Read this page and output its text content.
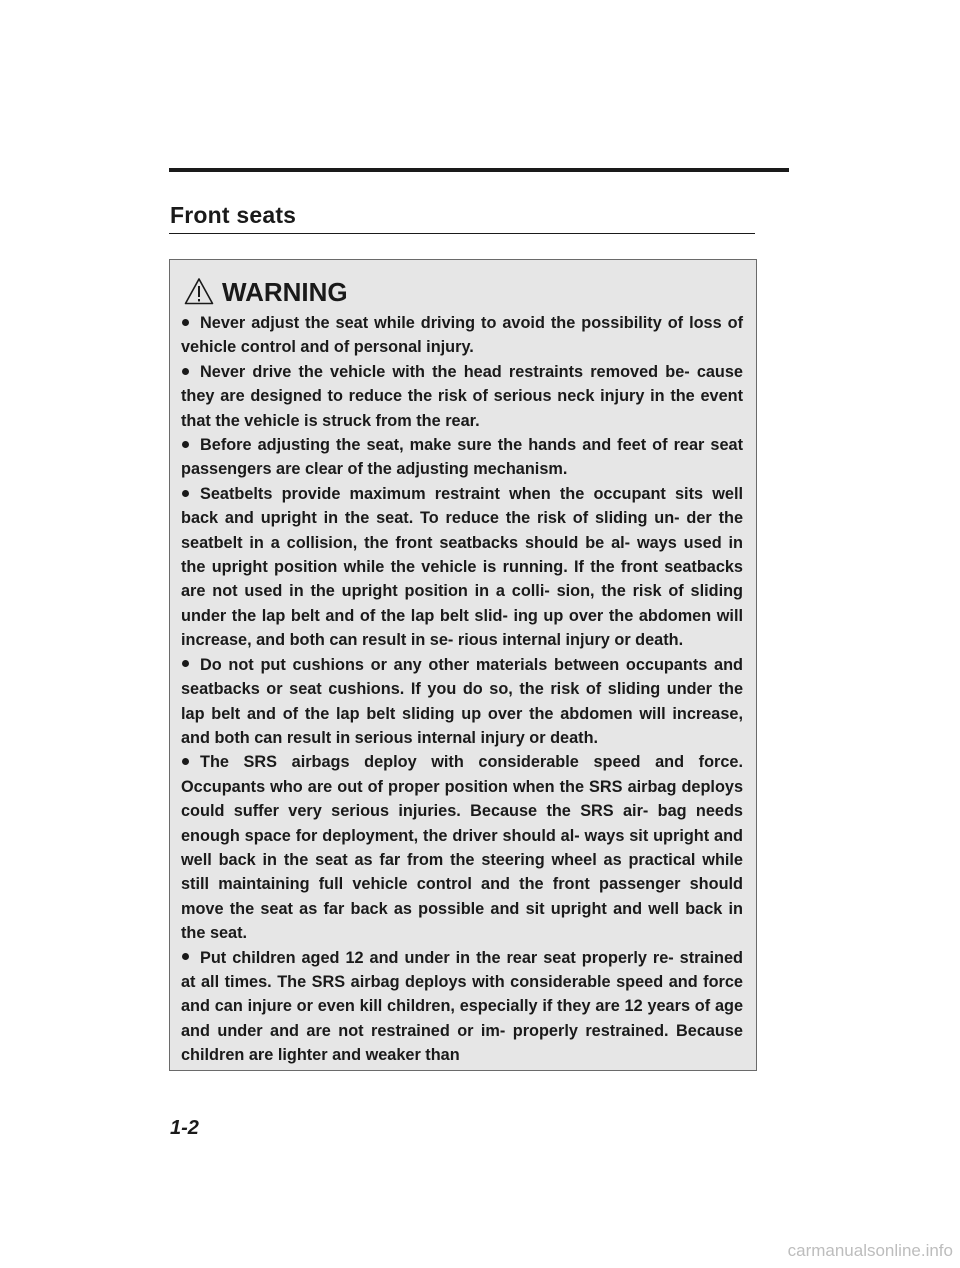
Front seats
WARNING
Never adjust the seat while driving to avoid the possibility of loss of vehicle control and of personal injury.
Never drive the vehicle with the head restraints removed be- cause they are designed to reduce the risk of serious neck injury in the event that the vehicle is struck from the rear.
Before adjusting the seat, make sure the hands and feet of rear seat passengers are clear of the adjusting mechanism.
Seatbelts provide maximum restraint when the occupant sits well back and upright in the seat. To reduce the risk of sliding un- der the seatbelt in a collision, the front seatbacks should be al- ways used in the upright position while the vehicle is running. If the front seatbacks are not used in the upright position in a colli- sion, the risk of sliding under the lap belt and of the lap belt slid- ing up over the abdomen will increase, and both can result in se- rious internal injury or death.
Do not put cushions or any other materials between occupants and seatbacks or seat cushions. If you do so, the risk of sliding under the lap belt and of the lap belt sliding up over the abdomen will increase, and both can result in serious internal injury or death.
The SRS airbags deploy with considerable speed and force. Occupants who are out of proper position when the SRS airbag deploys could suffer very serious injuries. Because the SRS air- bag needs enough space for deployment, the driver should al- ways sit upright and well back in the seat as far from the steering wheel as practical while still maintaining full vehicle control and the front passenger should move the seat as far back as possible and sit upright and well back in the seat.
Put children aged 12 and under in the rear seat properly re- strained at all times. The SRS airbag deploys with considerable speed and force and can injure or even kill children, especially if they are 12 years of age and under and are not restrained or im- properly restrained. Because children are lighter and weaker than

1-2

carmanualsonline.info
